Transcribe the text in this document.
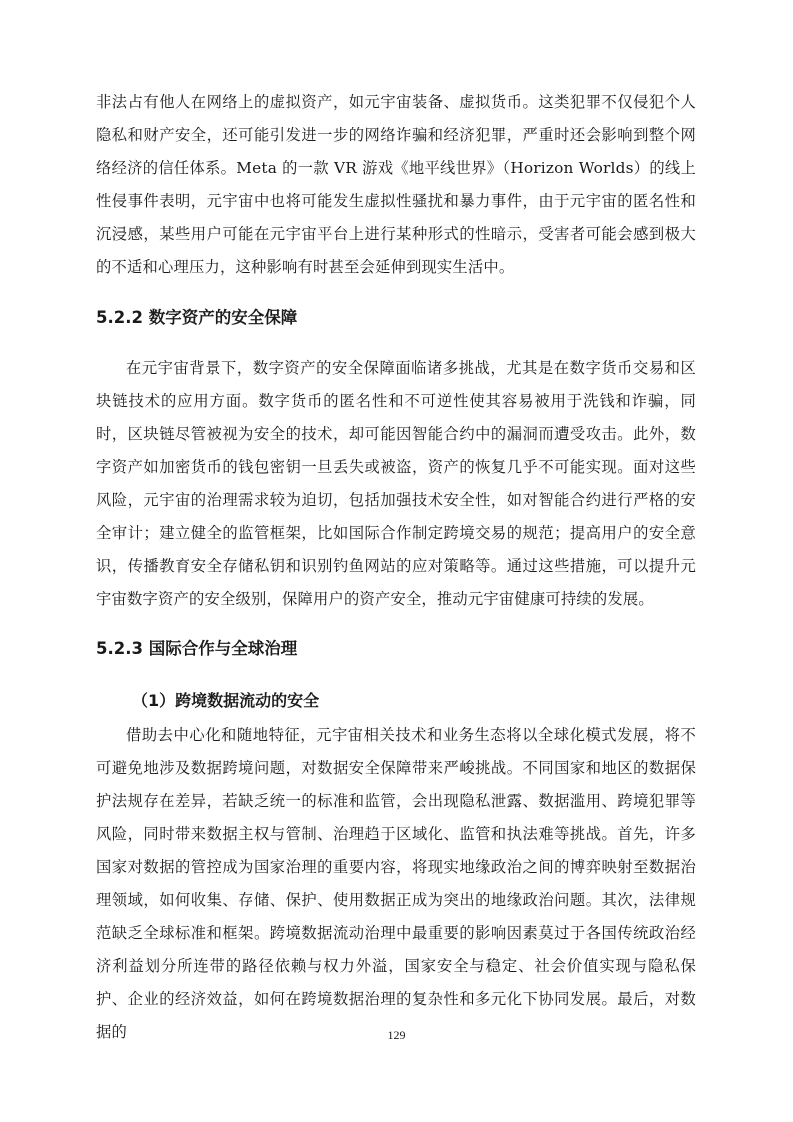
非法占有他人在网络上的虚拟资产，如元宇宙装备、虚拟货币。这类犯罪不仅侵犯个人隐私和财产安全，还可能引发进一步的网络诈骗和经济犯罪，严重时还会影响到整个网络经济的信任体系。Meta 的一款 VR 游戏《地平线世界》（Horizon Worlds）的线上性侵事件表明，元宇宙中也将可能发生虚拟性骚扰和暴力事件，由于元宇宙的匿名性和沉浸感，某些用户可能在元宇宙平台上进行某种形式的性暗示，受害者可能会感到极大的不适和心理压力，这种影响有时甚至会延伸到现实生活中。

5.2.2 数字资产的安全保障

在元宇宙背景下，数字资产的安全保障面临诸多挑战，尤其是在数字货币交易和区块链技术的应用方面。数字货币的匿名性和不可逆性使其容易被用于洗钱和诈骗，同时，区块链尽管被视为安全的技术，却可能因智能合约中的漏洞而遭受攻击。此外，数字资产如加密货币的钱包密钥一旦丢失或被盗，资产的恢复几乎不可能实现。面对这些风险，元宇宙的治理需求较为迫切，包括加强技术安全性，如对智能合约进行严格的安全审计；建立健全的监管框架，比如国际合作制定跨境交易的规范；提高用户的安全意识，传播教育安全存储私钥和识别钓鱼网站的应对策略等。通过这些措施，可以提升元宇宙数字资产的安全级别，保障用户的资产安全，推动元宇宙健康可持续的发展。

5.2.3 国际合作与全球治理
（1）跨境数据流动的安全

借助去中心化和随地特征，元宇宙相关技术和业务生态将以全球化模式发展，将不可避免地涉及数据跨境问题，对数据安全保障带来严峻挑战。不同国家和地区的数据保护法规存在差异，若缺乏统一的标准和监管，会出现隐私泄露、数据滥用、跨境犯罪等风险，同时带来数据主权与管制、治理趋于区域化、监管和执法难等挑战。首先，许多国家对数据的管控成为国家治理的重要内容，将现实地缘政治之间的博弈映射至数据治理领域，如何收集、存储、保护、使用数据正成为突出的地缘政治问题。其次，法律规范缺乏全球标准和框架。跨境数据流动治理中最重要的影响因素莫过于各国传统政治经济利益划分所连带的路径依赖与权力外溢，国家安全与稳定、社会价值实现与隐私保护、企业的经济效益，如何在跨境数据治理的复杂性和多元化下协同发展。最后，对数据的	129
